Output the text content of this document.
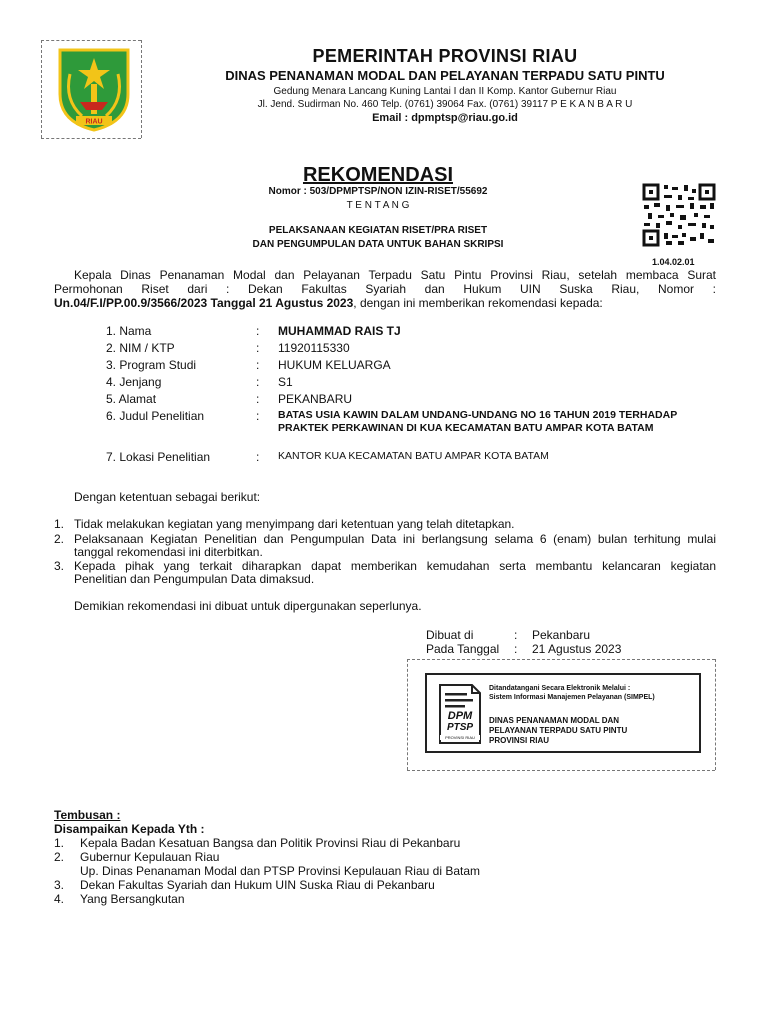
RIAU
PEMERINTAH PROVINSI RIAU
DINAS PENANAMAN MODAL DAN PELAYANAN TERPADU SATU PINTU
Gedung Menara Lancang Kuning Lantai I dan II Komp. Kantor Gubernur Riau
Jl. Jend. Sudirman No. 460 Telp. (0761) 39064 Fax. (0761) 39117 P E K A N B A R U
Email : dpmptsp@riau.go.id
REKOMENDASI
Nomor : 503/DPMPTSP/NON IZIN-RISET/55692
T E N T A N G
PELAKSANAAN KEGIATAN RISET/PRA RISET
DAN PENGUMPULAN DATA UNTUK BAHAN SKRIPSI
1.04.02.01
Kepala Dinas Penanaman Modal dan Pelayanan Terpadu Satu Pintu Provinsi Riau, setelah membaca Surat
Permohonan Riset dari : Dekan Fakultas Syariah dan Hukum UIN Suska Riau, Nomor :
Un.04/F.I/PP.00.9/3566/2023 Tanggal 21 Agustus 2023, dengan ini memberikan rekomendasi kepada:
1. Nama	: MUHAMMAD RAIS TJ
2. NIM / KTP	: 11920115330
3. Program Studi	: HUKUM KELUARGA
4. Jenjang	: S1
5. Alamat	: PEKANBARU
6. Judul Penelitian	: BATAS USIA KAWIN DALAM UNDANG-UNDANG NO 16 TAHUN 2019 TERHADAP
PRAKTEK PERKAWINAN DI KUA KECAMATAN BATU AMPAR KOTA BATAM
7. Lokasi Penelitian	: KANTOR KUA KECAMATAN BATU AMPAR KOTA BATAM
Dengan ketentuan sebagai berikut:
1. Tidak melakukan kegiatan yang menyimpang dari ketentuan yang telah ditetapkan.
2. Pelaksanaan Kegiatan Penelitian dan Pengumpulan Data ini berlangsung selama 6 (enam) bulan terhitung mulai
tanggal rekomendasi ini diterbitkan.
3. Kepada pihak yang terkait diharapkan dapat memberikan kemudahan serta membantu kelancaran kegiatan
Penelitian dan Pengumpulan Data dimaksud.
Demikian rekomendasi ini dibuat untuk dipergunakan seperlunya.
Dibuat di	: Pekanbaru
Pada Tanggal : 21 Agustus 2023
DPM
PTSP
PROVINSI RIAU
Ditandatangani Secara Elektronik Melalui :
Sistem Informasi Manajemen Pelayanan (SIMPEL)
DINAS PENANAMAN MODAL DAN
PELAYANAN TERPADU SATU PINTU
PROVINSI RIAU
Tembusan :
Disampaikan Kepada Yth :
1. Kepala Badan Kesatuan Bangsa dan Politik Provinsi Riau di Pekanbaru
2. Gubernur Kepulauan Riau
Up. Dinas Penanaman Modal dan PTSP Provinsi Kepulauan Riau di Batam
3. Dekan Fakultas Syariah dan Hukum UIN Suska Riau di Pekanbaru
4. Yang Bersangkutan
